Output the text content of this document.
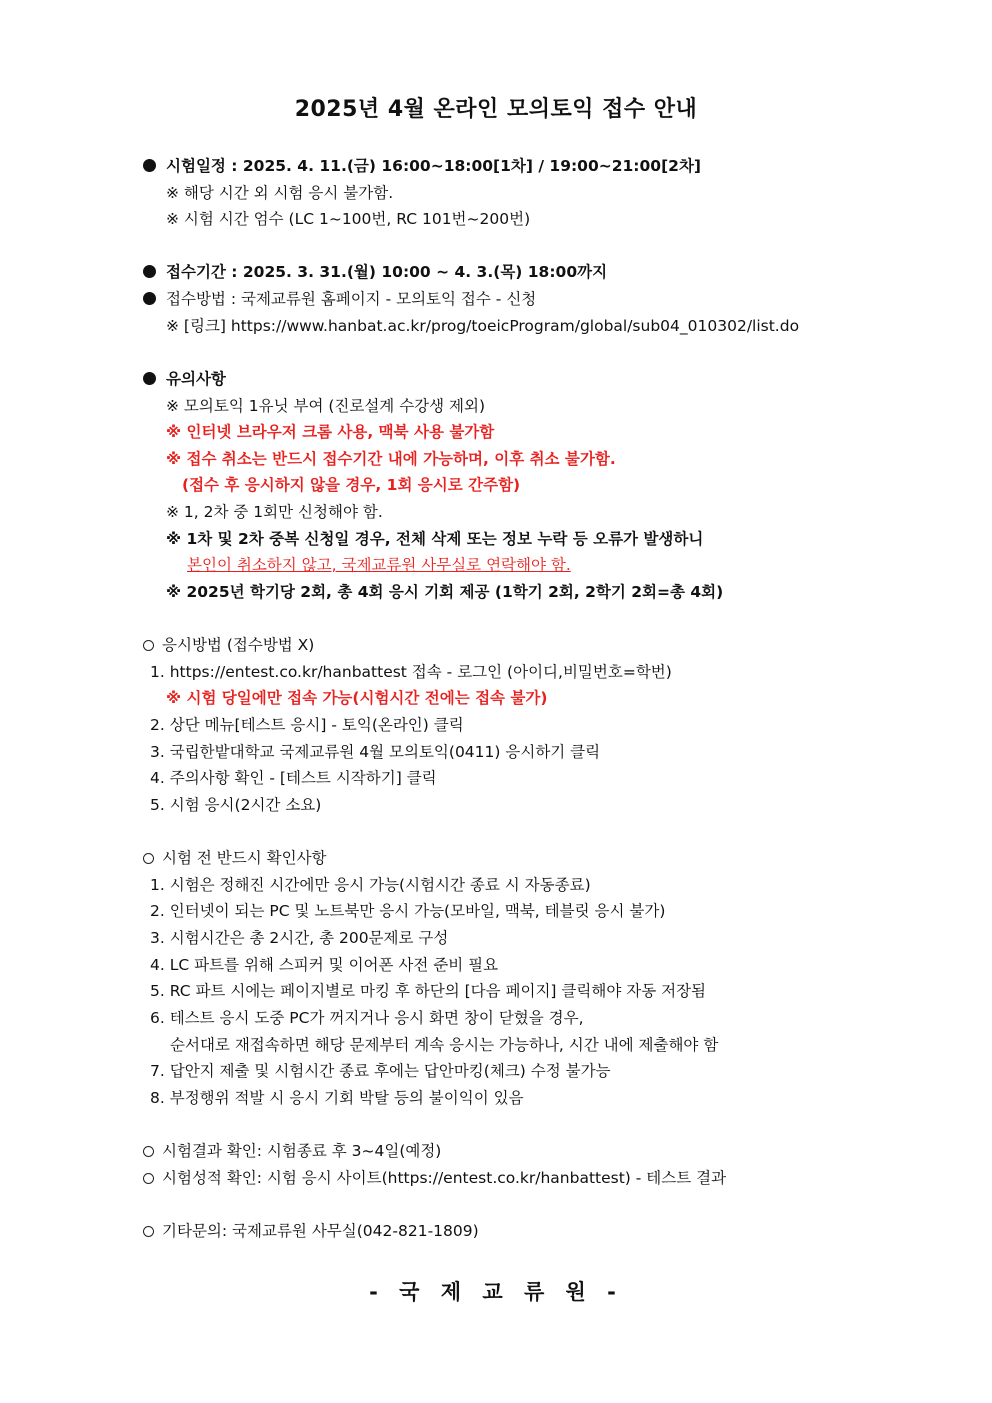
2025년 4월 온라인 모의토익 접수 안내
시험일정 : 2025. 4. 11.(금) 16:00~18:00[1차] / 19:00~21:00[2차]
※ 해당 시간 외 시험 응시 불가함.
※ 시험 시간 엄수 (LC 1~100번, RC 101번~200번)
접수기간 : 2025. 3. 31.(월) 10:00 ~ 4. 3.(목) 18:00까지
접수방법 : 국제교류원 홈페이지 - 모의토익 접수 - 신청
※ [링크] https://www.hanbat.ac.kr/prog/toeicProgram/global/sub04_010302/list.do
유의사항
※ 모의토익 1유닛 부여 (진로설계 수강생 제외)
※ 인터넷 브라우저 크롬 사용, 맥북 사용 불가함
※ 접수 취소는 반드시 접수기간 내에 가능하며, 이후 취소 불가함.
(접수 후 응시하지 않을 경우, 1회 응시로 간주함)
※ 1, 2차 중 1회만 신청해야 함.
※ 1차 및 2차 중복 신청일 경우, 전체 삭제 또는 정보 누락 등 오류가 발생하니
본인이 취소하지 않고, 국제교류원 사무실로 연락해야 함.
※ 2025년 학기당 2회, 총 4회 응시 기회 제공 (1학기 2회, 2학기 2회=총 4회)
응시방법 (접수방법 X)
1. https://entest.co.kr/hanbattest 접속 - 로그인 (아이디,비밀번호=학번)
※ 시험 당일에만 접속 가능(시험시간 전에는 접속 불가)
2. 상단 메뉴[테스트 응시] - 토익(온라인) 클릭
3. 국립한밭대학교 국제교류원 4월 모의토익(0411) 응시하기 클릭
4. 주의사항 확인 - [테스트 시작하기] 클릭
5. 시험 응시(2시간 소요)
시험 전 반드시 확인사항
1. 시험은 정해진 시간에만 응시 가능(시험시간 종료 시 자동종료)
2. 인터넷이 되는 PC 및 노트북만 응시 가능(모바일, 맥북, 테블릿 응시 불가)
3. 시험시간은 총 2시간, 총 200문제로 구성
4. LC 파트를 위해 스피커 및 이어폰 사전 준비 필요
5. RC 파트 시에는 페이지별로 마킹 후 하단의 [다음 페이지] 클릭해야 자동 저장됨
6. 테스트 응시 도중 PC가 꺼지거나 응시 화면 창이 닫혔을 경우,
순서대로 재접속하면 해당 문제부터 계속 응시는 가능하나, 시간 내에 제출해야 함
7. 답안지 제출 및 시험시간 종료 후에는 답안마킹(체크) 수정 불가능
8. 부정행위 적발 시 응시 기회 박탈 등의 불이익이 있음
시험결과 확인: 시험종료 후 3~4일(예정)
시험성적 확인: 시험 응시 사이트(https://entest.co.kr/hanbattest) - 테스트 결과
기타문의: 국제교류원 사무실(042-821-1809)
- 국 제 교 류 원 -
